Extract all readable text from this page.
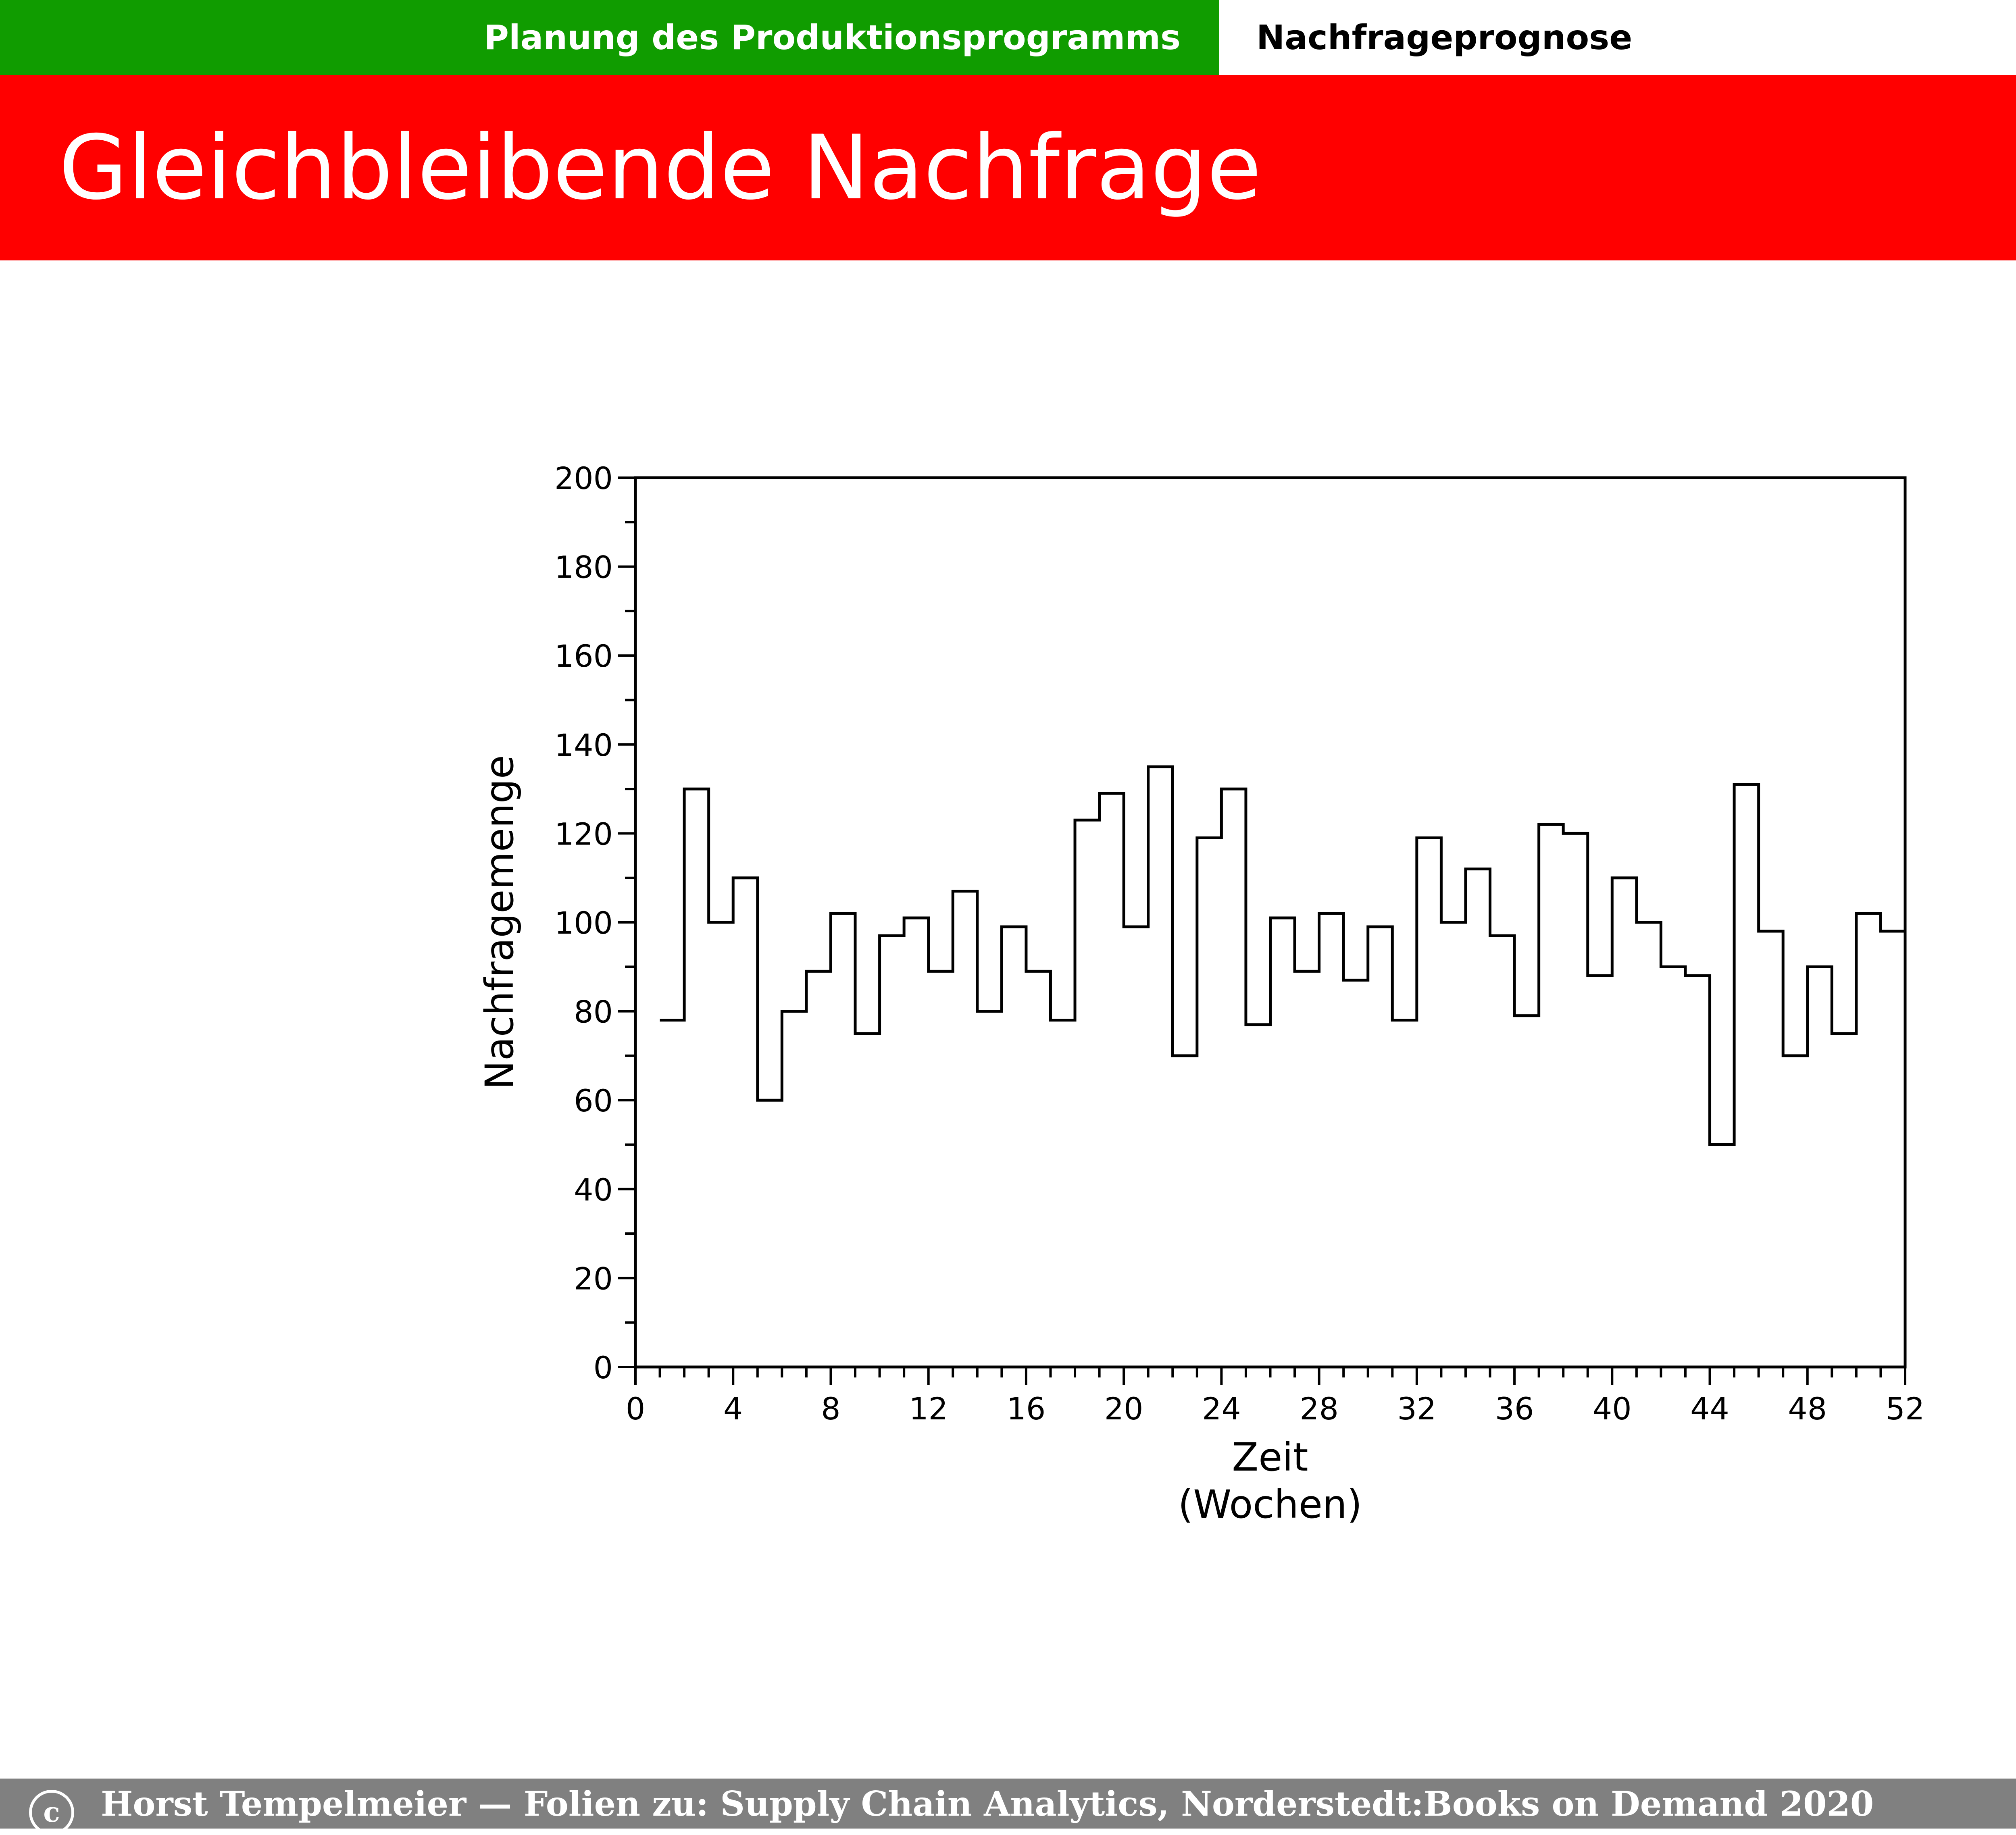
Planung des Produktionsprogramms	Nachfrageprognose
Gleichbleibende Nachfrage
0
20
40
60
80
100
120
140
160
180
200
0	4	8 12 16 20 24 28 32 36 40 44 48 52
Nachfragemenge
Zeit
(Wochen)
c	Horst Tempelmeier — Folien zu: Supply Chain Analytics, Norderstedt:Books on Demand 2020
